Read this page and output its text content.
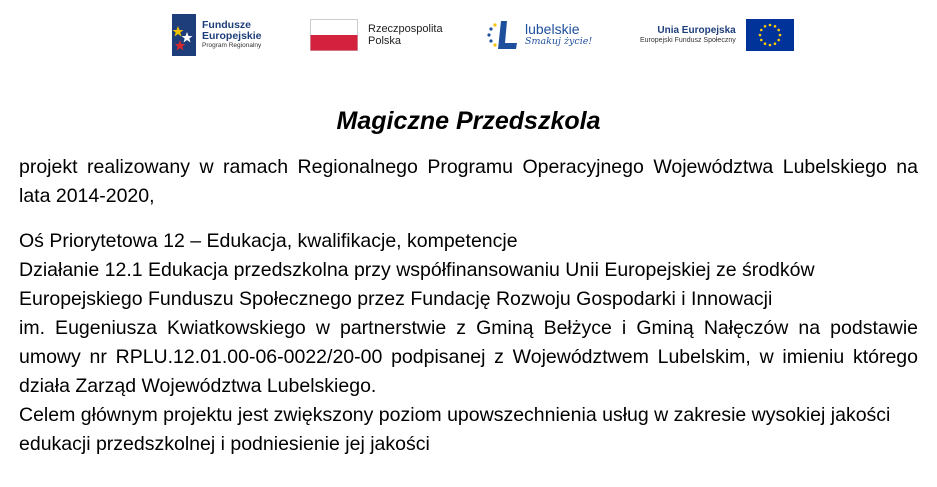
Fundusze
Europejskie
Program Regionalny
Rzeczpospolita
Polska
lubelskie
Smakuj życie!
Unia Europejska
Europejski Fundusz Społeczny
Magiczne Przedszkola

projekt realizowany w ramach Regionalnego Programu Operacyjnego Województwa Lubelskiego na lata 2014-2020,

Oś Priorytetowa 12 – Edukacja, kwalifikacje, kompetencje

Działanie 12.1 Edukacja przedszkolna przy współfinansowaniu Unii Europejskiej ze środków Europejskiego Funduszu Społecznego przez Fundację Rozwoju Gospodarki i Innowacji

im. Eugeniusza Kwiatkowskiego w partnerstwie z Gminą Bełżyce i Gminą Nałęczów na podstawie umowy nr RPLU.12.01.00-06-0022/20-00 podpisanej z Województwem Lubelskim, w imieniu którego działa Zarząd Województwa Lubelskiego.

Celem głównym projektu jest zwiększony poziom upowszechnienia usług w zakresie wysokiej jakości edukacji przedszkolnej i podniesienie jej jakości
